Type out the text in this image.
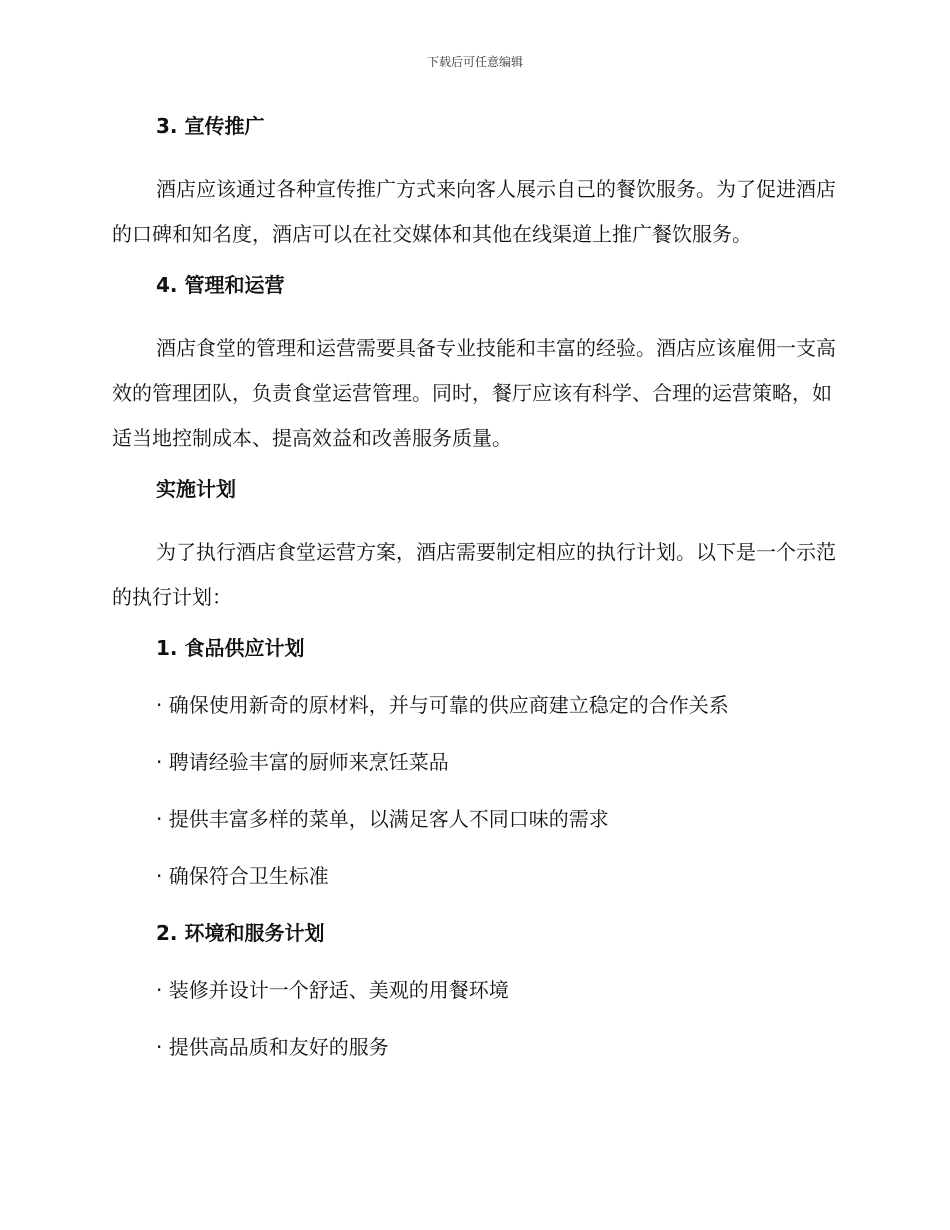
下载后可任意编辑
3. 宣传推广
酒店应该通过各种宣传推广方式来向客人展示自己的餐饮服务。为了促进酒店的口碑和知名度，酒店可以在社交媒体和其他在线渠道上推广餐饮服务。
4. 管理和运营
酒店食堂的管理和运营需要具备专业技能和丰富的经验。酒店应该雇佣一支高效的管理团队，负责食堂运营管理。同时，餐厅应该有科学、合理的运营策略，如适当地控制成本、提高效益和改善服务质量。
实施计划
为了执行酒店食堂运营方案，酒店需要制定相应的执行计划。以下是一个示范的执行计划：
1. 食品供应计划
· 确保使用新奇的原材料，并与可靠的供应商建立稳定的合作关系
· 聘请经验丰富的厨师来烹饪菜品
· 提供丰富多样的菜单，以满足客人不同口味的需求
· 确保符合卫生标准
2. 环境和服务计划
· 装修并设计一个舒适、美观的用餐环境
· 提供高品质和友好的服务
